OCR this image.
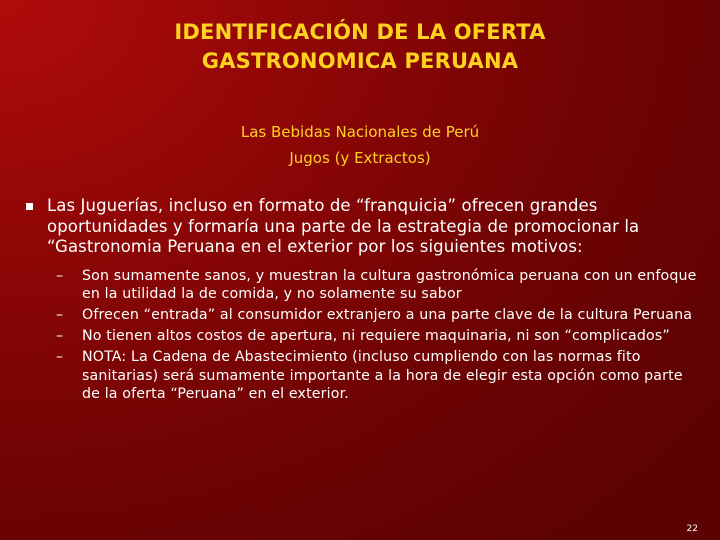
IDENTIFICACIÓN DE LA OFERTA
GASTRONOMICA PERUANA
Las Bebidas Nacionales de Perú
Jugos (y Extractos)
Las Juguerías, incluso en formato de “franquicia” ofrecen grandes oportunidades y formaría una parte de la estrategia de promocionar la “Gastronomia Peruana en el exterior por los siguientes motivos:
– Son sumamente sanos, y muestran la cultura gastronómica peruana con un enfoque en la utilidad la de comida, y no solamente su sabor
– Ofrecen “entrada” al consumidor extranjero a una parte clave de la cultura Peruana
– No tienen altos costos de apertura, ni requiere maquinaria, ni son “complicados”
– NOTA: La Cadena de Abastecimiento (incluso cumpliendo con las normas fito sanitarias) será sumamente importante a la hora de elegir esta opción como parte de la oferta “Peruana” en el exterior.
22
